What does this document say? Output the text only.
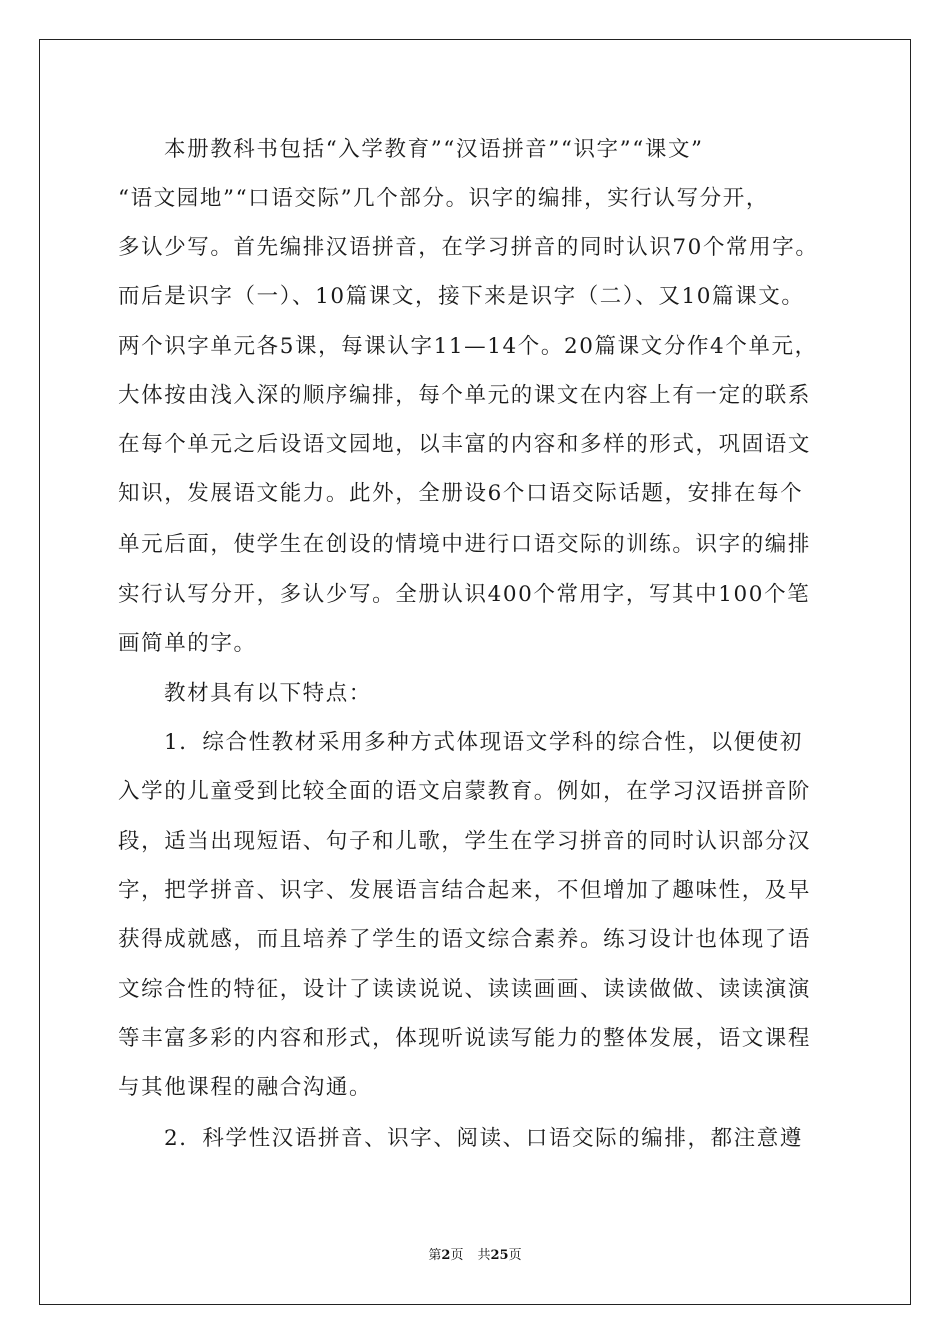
本册教科书包括“入学教育”“汉语拼音”“识字”“课文”

“语文园地”“口语交际”几个部分。识字的编排，实行认写分开，

多认少写。首先编排汉语拼音，在学习拼音的同时认识70个常用字。

而后是识字（一）、10篇课文，接下来是识字（二）、又10篇课文。

两个识字单元各5课，每课认字11—14个。20篇课文分作4个单元，

大体按由浅入深的顺序编排，每个单元的课文在内容上有一定的联系

在每个单元之后设语文园地，以丰富的内容和多样的形式，巩固语文

知识，发展语文能力。此外，全册设6个口语交际话题，安排在每个

单元后面，使学生在创设的情境中进行口语交际的训练。识字的编排

实行认写分开，多认少写。全册认识400个常用字，写其中100个笔

画简单的字。

教材具有以下特点：

1．综合性教材采用多种方式体现语文学科的综合性，以便使初

入学的儿童受到比较全面的语文启蒙教育。例如，在学习汉语拼音阶

段，适当出现短语、句子和儿歌，学生在学习拼音的同时认识部分汉

字，把学拼音、识字、发展语言结合起来，不但增加了趣味性，及早

获得成就感，而且培养了学生的语文综合素养。练习设计也体现了语

文综合性的特征，设计了读读说说、读读画画、读读做做、读读演演

等丰富多彩的内容和形式，体现听说读写能力的整体发展，语文课程

与其他课程的融合沟通。

2．科学性汉语拼音、识字、阅读、口语交际的编排，都注意遵

第2页 共25页
